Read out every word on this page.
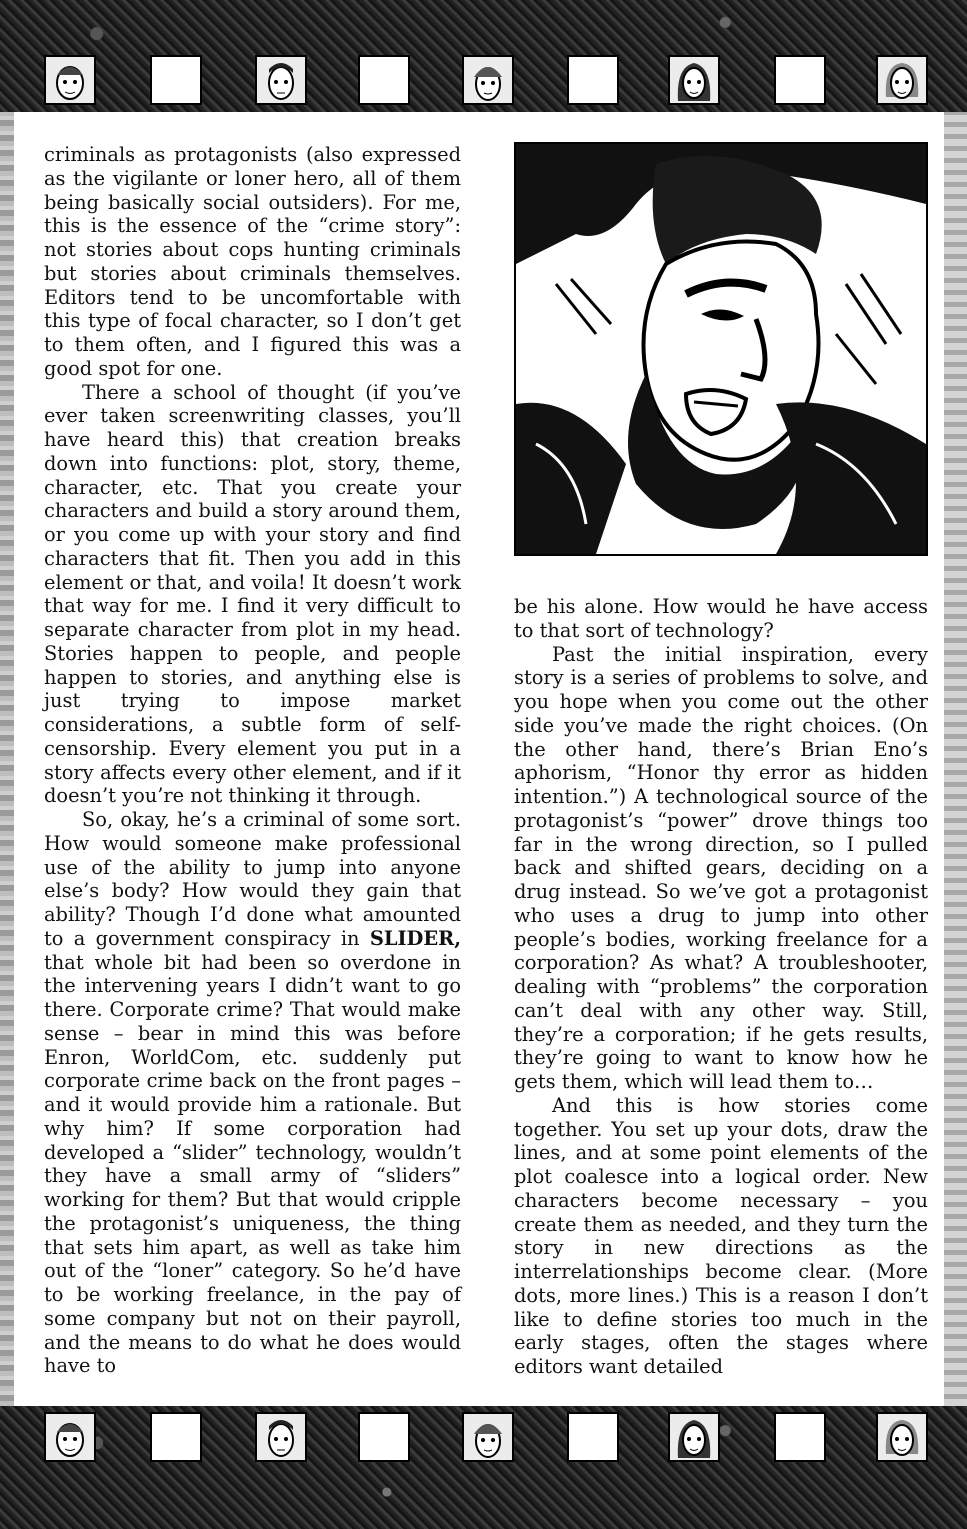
criminals as protagonists (also expressed as the vigilante or loner hero, all of them being basically social outsiders). For me, this is the essence of the “crime story”: not stories about cops hunting criminals but stories about criminals themselves. Editors tend to be uncomfortable with this type of focal character, so I don’t get to them often, and I figured this was a good spot for one.

There a school of thought (if you’ve ever taken screenwriting classes, you’ll have heard this) that creation breaks down into functions: plot, story, theme, character, etc. That you create your characters and build a story around them, or you come up with your story and find characters that fit. Then you add in this element or that, and voila! It doesn’t work that way for me. I find it very difficult to separate character from plot in my head. Stories happen to people, and people happen to stories, and anything else is just trying to impose market considerations, a subtle form of self-censorship. Every element you put in a story affects every other element, and if it doesn’t you’re not thinking it through.

So, okay, he’s a criminal of some sort. How would someone make professional use of the ability to jump into anyone else’s body? How would they gain that ability? Though I’d done what amounted to a government conspiracy in SLIDER, that whole bit had been so overdone in the intervening years I didn’t want to go there. Corporate crime? That would make sense – bear in mind this was before Enron, WorldCom, etc. suddenly put corporate crime back on the front pages – and it would provide him a rationale. But why him? If some corporation had developed a “slider” technology, wouldn’t they have a small army of “sliders” working for them? But that would cripple the protagonist’s uniqueness, the thing that sets him apart, as well as take him out of the “loner” category. So he’d have to be working freelance, in the pay of some company but not on their payroll, and the means to do what he does would have to

be his alone. How would he have access to that sort of technology?

Past the initial inspiration, every story is a series of problems to solve, and you hope when you come out the other side you’ve made the right choices. (On the other hand, there’s Brian Eno’s aphorism, “Honor thy error as hidden intention.”) A technological source of the protagonist’s “power” drove things too far in the wrong direction, so I pulled back and shifted gears, deciding on a drug instead. So we’ve got a protagonist who uses a drug to jump into other people’s bodies, working freelance for a corporation? As what? A troubleshooter, dealing with “problems” the corporation can’t deal with any other way. Still, they’re a corporation; if he gets results, they’re going to want to know how he gets them, which will lead them to…

And this is how stories come together. You set up your dots, draw the lines, and at some point elements of the plot coalesce into a logical order. New characters become necessary – you create them as needed, and they turn the story in new directions as the interrelationships become clear. (More dots, more lines.) This is a reason I don’t like to define stories too much in the early stages, often the stages where editors want detailed
